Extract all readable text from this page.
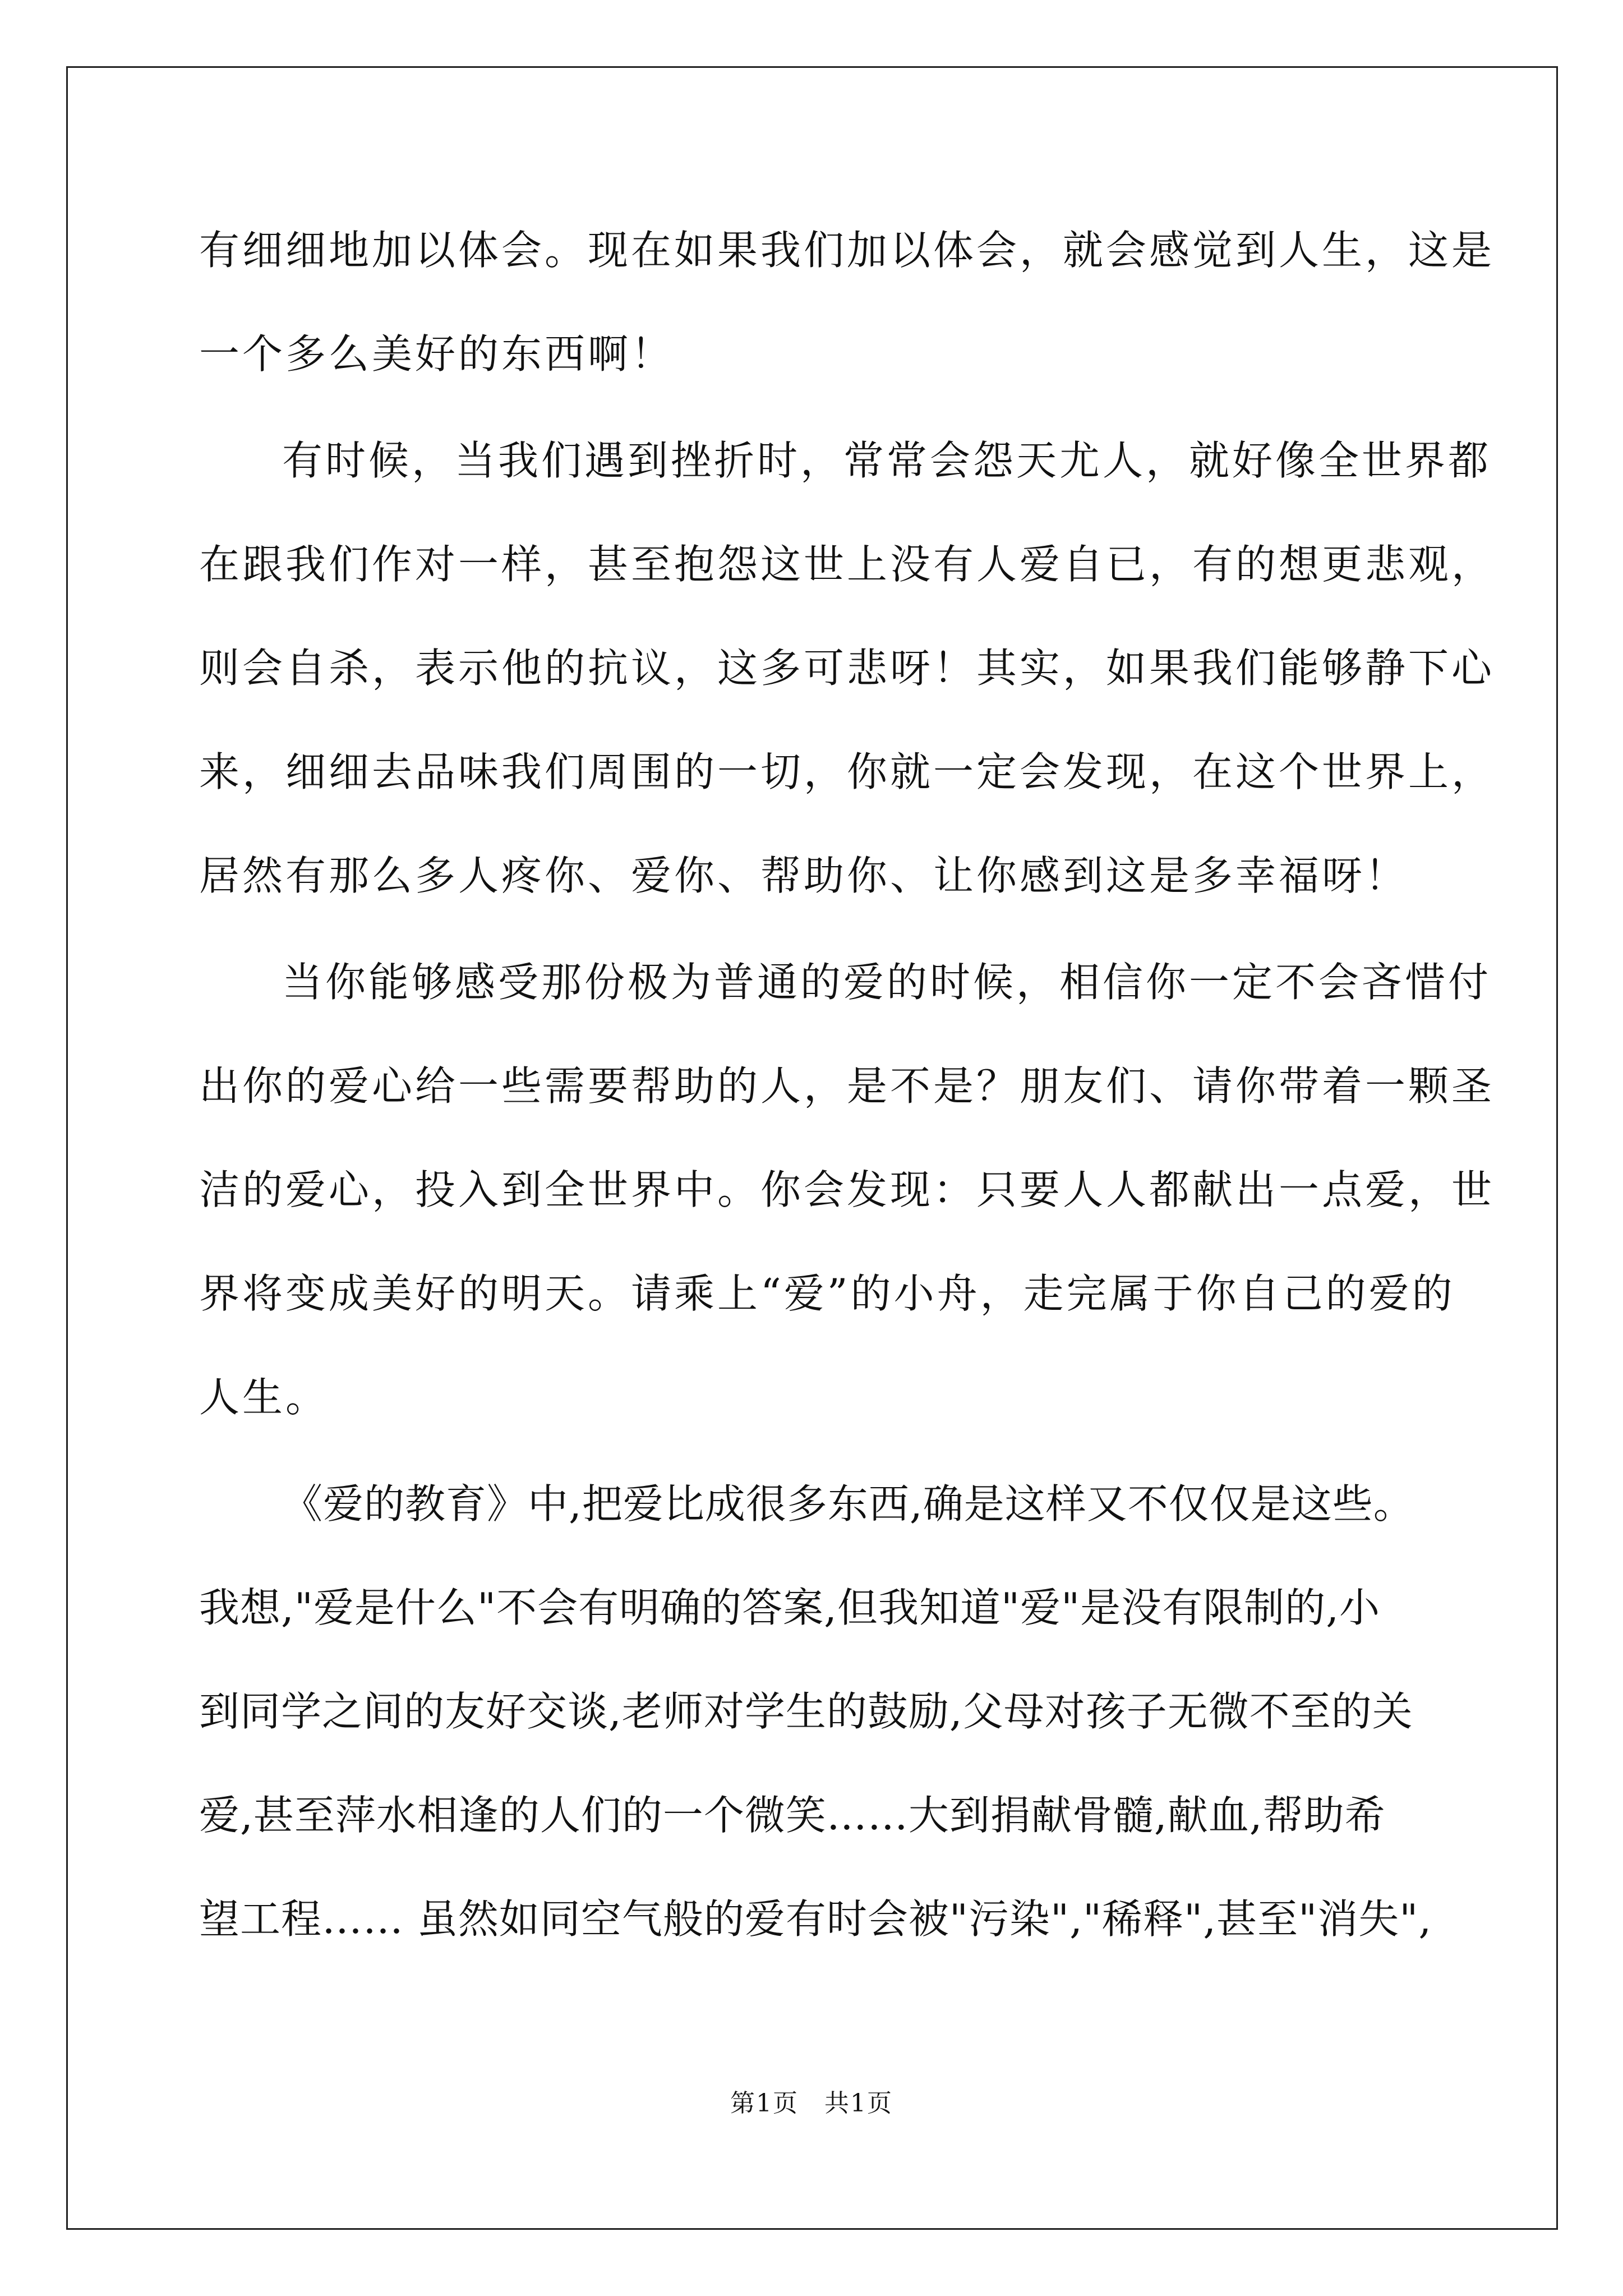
有细细地加以体会。现在如果我们加以体会，就会感觉到人生，这是
一个多么美好的东西啊！
有时候，当我们遇到挫折时，常常会怨天尤人，就好像全世界都
在跟我们作对一样，甚至抱怨这世上没有人爱自已，有的想更悲观，
则会自杀，表示他的抗议，这多可悲呀！其实，如果我们能够静下心
来，细细去品味我们周围的一切，你就一定会发现，在这个世界上，
居然有那么多人疼你、爱你、帮助你、让你感到这是多幸福呀！
当你能够感受那份极为普通的爱的时候，相信你一定不会吝惜付
出你的爱心给一些需要帮助的人，是不是？朋友们、请你带着一颗圣
洁的爱心，投入到全世界中。你会发现：只要人人都献出一点爱，世
界将变成美好的明天。请乘上“爱”的小舟，走完属于你自己的爱的
人生。
《爱的教育》中,把爱比成很多东西,确是这样又不仅仅是这些。
我想,"爱是什么"不会有明确的答案,但我知道"爱"是没有限制的,小
到同学之间的友好交谈,老师对学生的鼓励,父母对孩子无微不至的关
爱,甚至萍水相逢的人们的一个微笑……大到捐献骨髓,献血,帮助希
望工程…… 虽然如同空气般的爱有时会被"污染","稀释",甚至"消失",
第1页　共1页
